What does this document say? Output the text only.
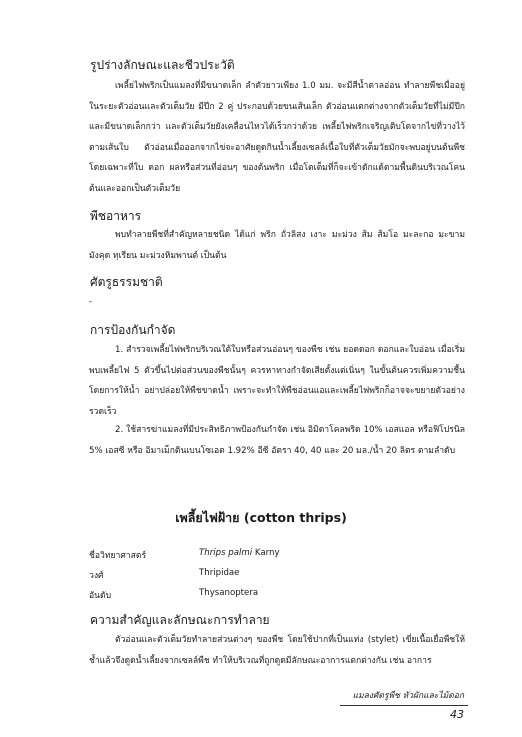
รูปร่างลักษณะและชีวประวัติ
เพลี้ยไฟพริกเป็นแมลงที่มีขนาดเล็ก ลำตัวยาวเพียง 1.0 มม. จะมีสีน้ำตาลอ่อน ทำลายพืชเมื่ออยู่ในระยะตัวอ่อนและตัวเต็มวัย มีปีก 2 คู่ ประกอบด้วยขนเส้นเล็ก ตัวอ่อนแตกต่างจากตัวเต็มวัยที่ไม่มีปีก และมีขนาดเล็กกว่า และตัวเต็มวัยยังเคลื่อนไหวได้เร็วกว่าด้วย เพลี้ยไฟพริกเจริญเติบโตจากไข่ที่วางไว้ตามเส้นใบ ตัวอ่อนเมื่อออกจากไข่จะอาศัยดูดกินน้ำเลี้ยงเซลล์เนื้อใบที่ตัวเต็มวัยมักจะพบอยู่บนต้นพืช โดยเฉพาะที่ใบ ดอก ผลหรือส่วนที่อ่อนๆ ของต้นพริก เมื่อโตเต็มที่ก็จะเข้าดักแด้ตามพื้นดินบริเวณโคนต้นและออกเป็นตัวเต็มวัย
พืชอาหาร
พบทำลายพืชที่สำคัญหลายชนิด ได้แก่ พริก ถั่วลิสง เงาะ มะม่วง ส้ม ส้มโอ มะละกอ มะขาม มังคุด ทุเรียน มะม่วงหิมพานต์ เป็นต้น
ศัตรูธรรมชาติ
-
การป้องกันกำจัด
1. สำรวจเพลี้ยไฟพริกบริเวณใต้ใบหรือส่วนอ่อนๆ ของพืช เช่น ยอดดอก ดอกและใบอ่อน เมื่อเริ่มพบเพลี้ยไฟ 5 ตัวขึ้นไปต่อส่วนของพืชนั้นๆ ควรหาทางกำจัดเสียตั้งแต่เนิ่นๆ ในขั้นต้นควรเพิ่มความชื้นโดยการให้น้ำ อย่าปล่อยให้พืชขาดน้ำ เพราะจะทำให้พืชอ่อนแอและเพลี้ยไฟพริกก็อาจจะขยายตัวอย่างรวดเร็ว
2. ใช้สารฆ่าแมลงที่มีประสิทธิภาพป้องกันกำจัด เช่น อิมิดาโคลพริด 10% เอสแอล หรือฟิโปรนิล 5% เอสซี หรือ อิมาเม็กตินเบนโซเอต 1.92% อีซี อัตรา 40, 40 และ 20 มล./น้ำ 20 ลิตร ตามลำดับ
เพลี้ยไฟฝ้าย (cotton thrips)
ชื่อวิทยาศาสตร์	Thrips palmi Karny
วงศ์	Thripidae
อันดับ	Thysanoptera
ความสำคัญและลักษณะการทำลาย
ตัวอ่อนและตัวเต็มวัยทำลายส่วนต่างๆ ของพืช โดยใช้ปากที่เป็นแท่ง (stylet) เขี่ยเนื้อเยื่อพืชให้ช้ำแล้วจึงดูดน้ำเลี้ยงจากเซลล์พืช ทำให้บริเวณที่ถูกดูดมีลักษณะอาการแตกต่างกัน เช่น อาการ
แมลงศัตรูพืช หัวผักและไม้ดอก
43
